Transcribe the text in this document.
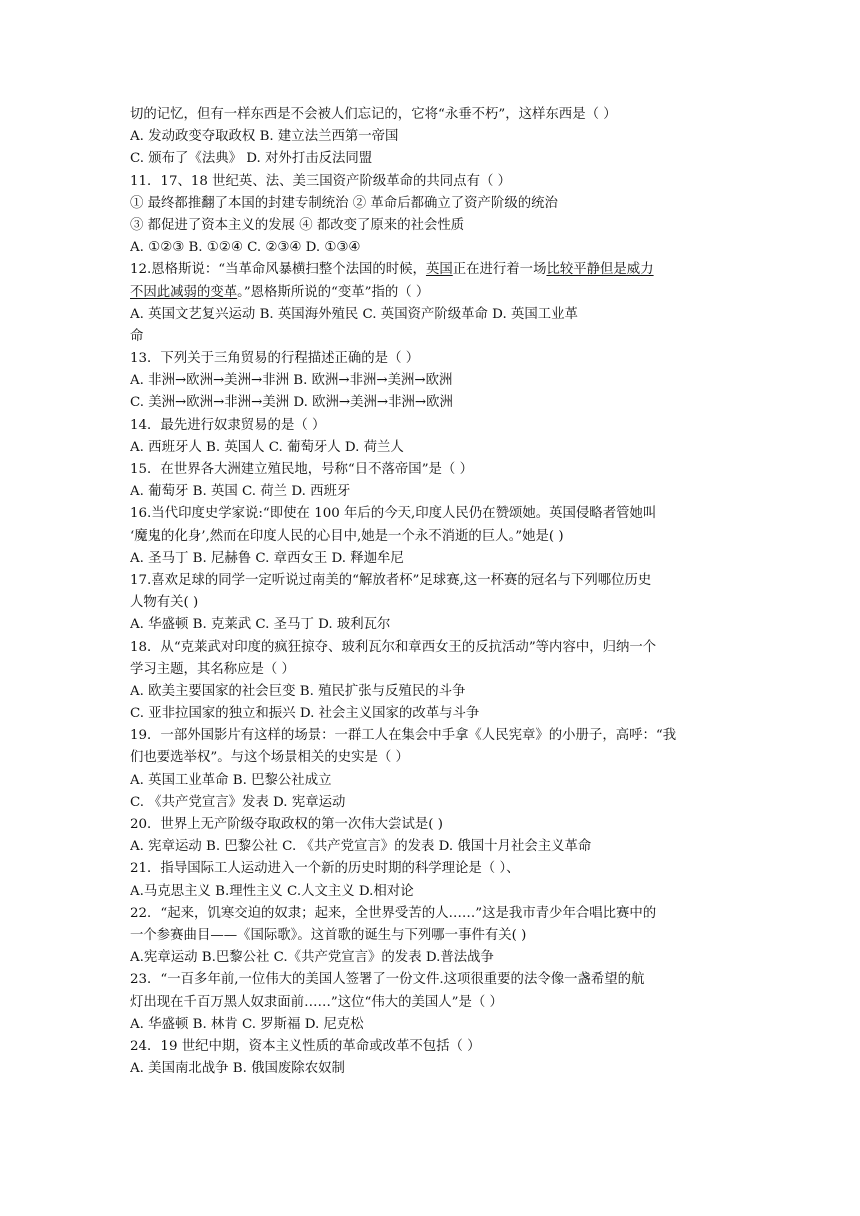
切的记忆，但有一样东西是不会被人们忘记的，它将“永垂不朽”，这样东西是（ ）
A. 发动政变夺取政权 B. 建立法兰西第一帝国
C. 颁布了《法典》 D. 对外打击反法同盟
11．17、18 世纪英、法、美三国资产阶级革命的共同点有（ ）
① 最终都推翻了本国的封建专制统治 ② 革命后都确立了资产阶级的统治
③ 都促进了资本主义的发展 ④ 都改变了原来的社会性质
A. ①②③ B. ①②④ C. ②③④ D. ①③④
12.恩格斯说：“当革命风暴横扫整个法国的时候，英国正在进行着一场比较平静但是威力
不因此减弱的变革。”恩格斯所说的“变革”指的（ ）
A. 英国文艺复兴运动 B. 英国海外殖民 C. 英国资产阶级革命 D. 英国工业革
命
13．下列关于三角贸易的行程描述正确的是（ ）
A. 非洲→欧洲→美洲→非洲 B. 欧洲→非洲→美洲→欧洲
C. 美洲→欧洲→非洲→美洲 D. 欧洲→美洲→非洲→欧洲
14．最先进行奴隶贸易的是（ ）
A. 西班牙人 B. 英国人 C. 葡萄牙人 D. 荷兰人
15．在世界各大洲建立殖民地，号称“日不落帝国”是（ ）
A. 葡萄牙 B. 英国 C. 荷兰 D. 西班牙
16.当代印度史学家说:“即使在 100 年后的今天,印度人民仍在赞颂她。英国侵略者管她叫
‘魔鬼的化身’,然而在印度人民的心目中,她是一个永不消逝的巨人。”她是( )
A. 圣马丁 B. 尼赫鲁 C. 章西女王 D. 释迦牟尼
17.喜欢足球的同学一定听说过南美的“解放者杯”足球赛,这一杯赛的冠名与下列哪位历史
人物有关( )
A. 华盛顿 B. 克莱武 C. 圣马丁 D. 玻利瓦尔
18．从“克莱武对印度的疯狂掠夺、玻利瓦尔和章西女王的反抗活动”等内容中，归纳一个
学习主题，其名称应是（ ）
A. 欧美主要国家的社会巨变 B. 殖民扩张与反殖民的斗争
C. 亚非拉国家的独立和振兴 D. 社会主义国家的改革与斗争
19．一部外国影片有这样的场景：一群工人在集会中手拿《人民宪章》的小册子，高呼：“我
们也要选举权”。与这个场景相关的史实是（ ）
A. 英国工业革命 B. 巴黎公社成立
C. 《共产党宣言》发表 D. 宪章运动
20．世界上无产阶级夺取政权的第一次伟大尝试是( )
A. 宪章运动 B. 巴黎公社 C. 《共产党宣言》的发表 D. 俄国十月社会主义革命
21．指导国际工人运动进入一个新的历史时期的科学理论是（ ）、
A.马克思主义 B.理性主义 C.人文主义 D.相对论
22．“起来，饥寒交迫的奴隶；起来，全世界受苦的人……”这是我市青少年合唱比赛中的
一个参赛曲目——《国际歌》。这首歌的诞生与下列哪一事件有关( )
A.宪章运动 B.巴黎公社 C.《共产党宣言》的发表 D.普法战争
23．“一百多年前,一位伟大的美国人签署了一份文件.这项很重要的法令像一盏希望的航
灯出现在千百万黑人奴隶面前……”这位“伟大的美国人”是（ ）
A. 华盛顿 B. 林肯 C. 罗斯福 D. 尼克松
24．19 世纪中期，资本主义性质的革命或改革不包括（ ）
A. 美国南北战争 B. 俄国废除农奴制
